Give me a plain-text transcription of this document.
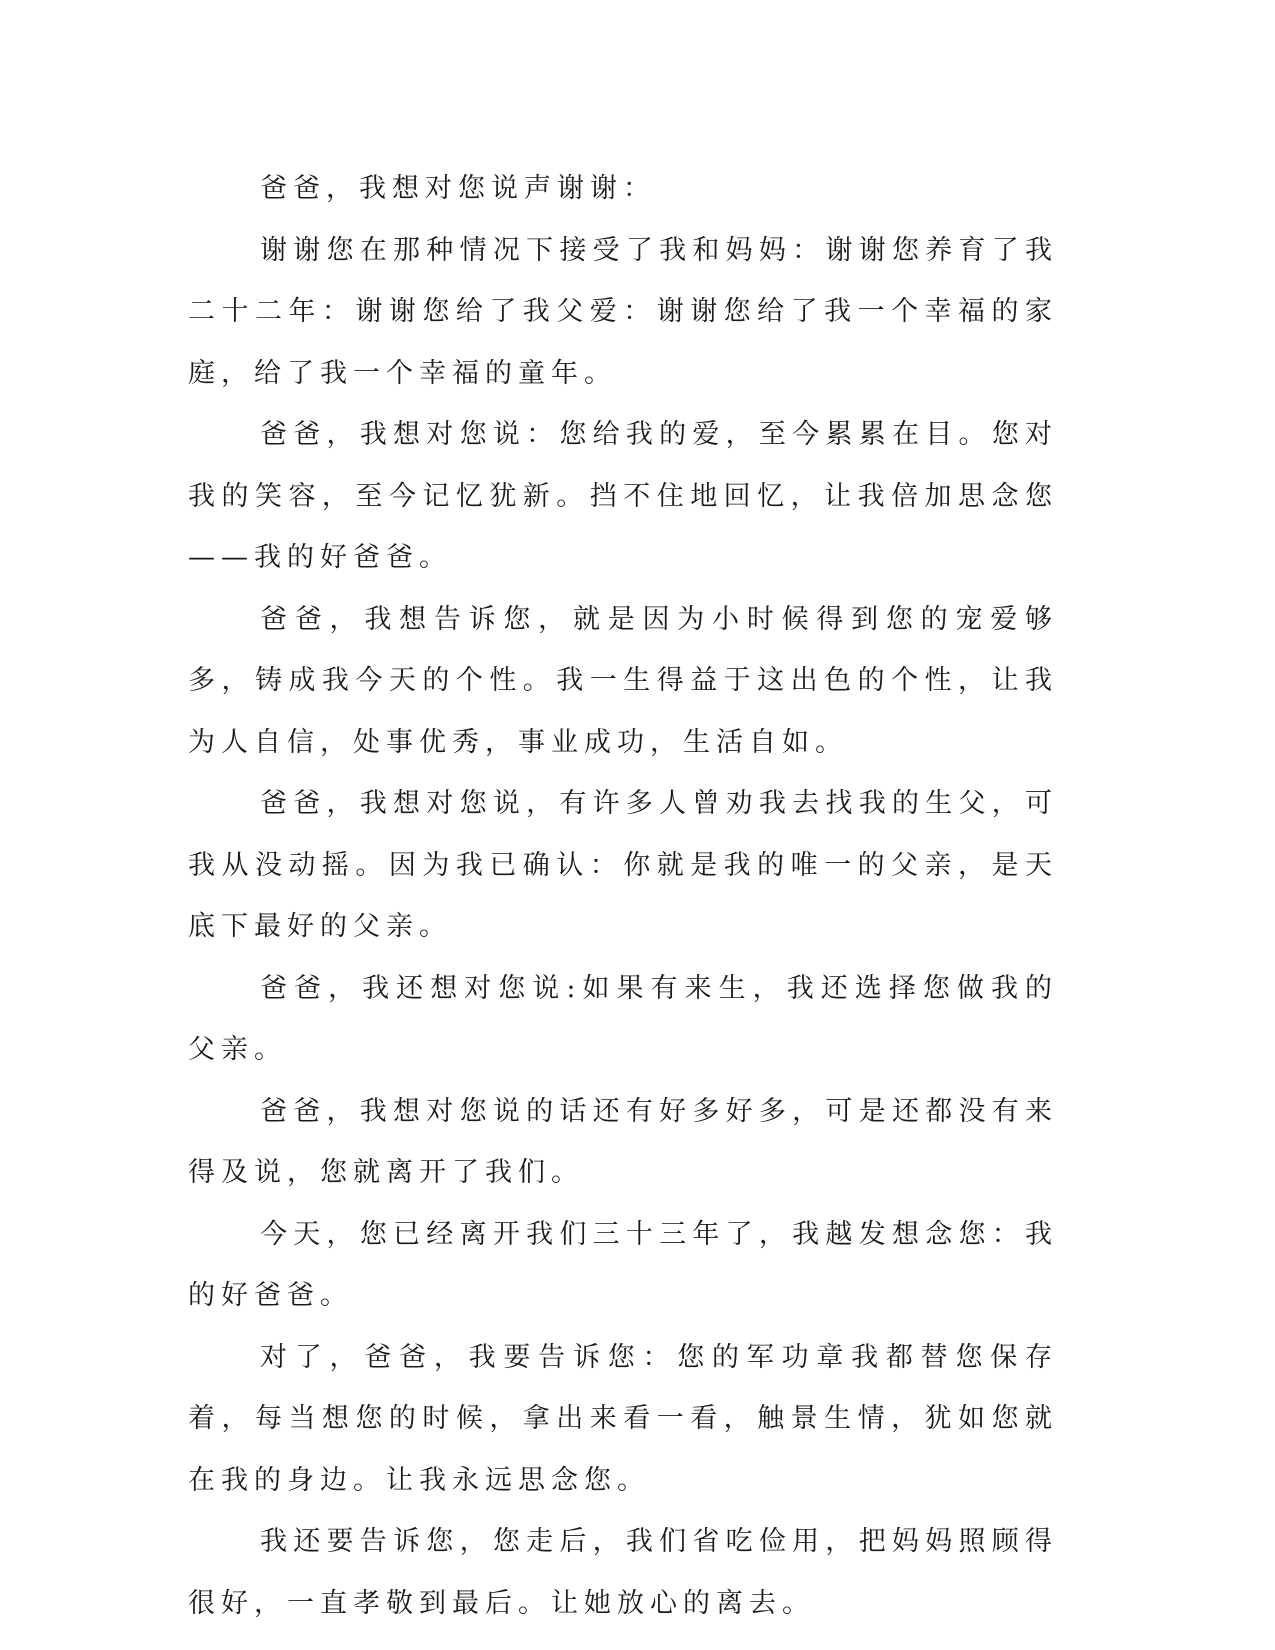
爸爸，我想对您说声谢谢：

谢谢您在那种情况下接受了我和妈妈：谢谢您养育了我二十二年：谢谢您给了我父爱：谢谢您给了我一个幸福的家庭，给了我一个幸福的童年。

爸爸，我想对您说：您给我的爱，至今累累在目。您对我的笑容，至今记忆犹新。挡不住地回忆，让我倍加思念您——我的好爸爸。

爸爸，我想告诉您，就是因为小时候得到您的宠爱够多，铸成我今天的个性。我一生得益于这出色的个性，让我为人自信，处事优秀，事业成功，生活自如。

爸爸，我想对您说，有许多人曾劝我去找我的生父，可我从没动摇。因为我已确认：你就是我的唯一的父亲，是天底下最好的父亲。

爸爸，我还想对您说:如果有来生，我还选择您做我的父亲。

爸爸，我想对您说的话还有好多好多，可是还都没有来得及说，您就离开了我们。

今天，您已经离开我们三十三年了，我越发想念您：我的好爸爸。

对了，爸爸，我要告诉您：您的军功章我都替您保存着，每当想您的时候，拿出来看一看，触景生情，犹如您就在我的身边。让我永远思念您。

我还要告诉您，您走后，我们省吃俭用，把妈妈照顾得很好，一直孝敬到最后。让她放心的离去。
